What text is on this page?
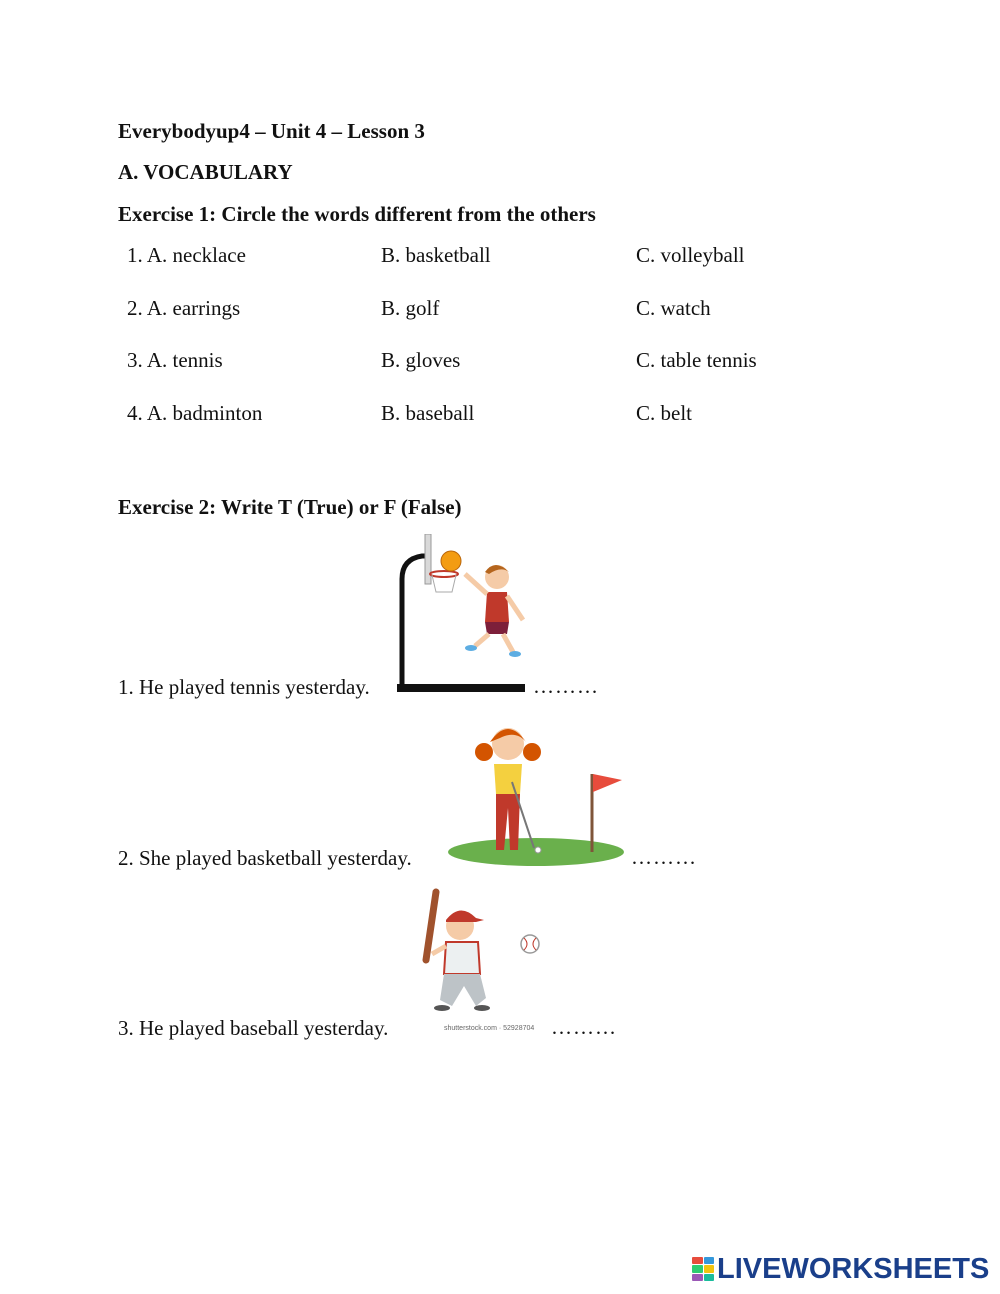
Everybodyup4 – Unit 4 – Lesson 3
A. VOCABULARY
Exercise 1: Circle the words different from the others
1. A. necklace	B. basketball	C. volleyball
2. A. earrings	B. golf	C. watch
3. A. tennis	B. gloves	C. table tennis
4. A. badminton	B. baseball	C. belt
Exercise 2: Write T (True) or F (False)
1. He played tennis yesterday.	………
2. She played basketball yesterday.	………
3. He played baseball yesterday.	shutterstock.com · 52928704 ………
LIVEWORKSHEETS
